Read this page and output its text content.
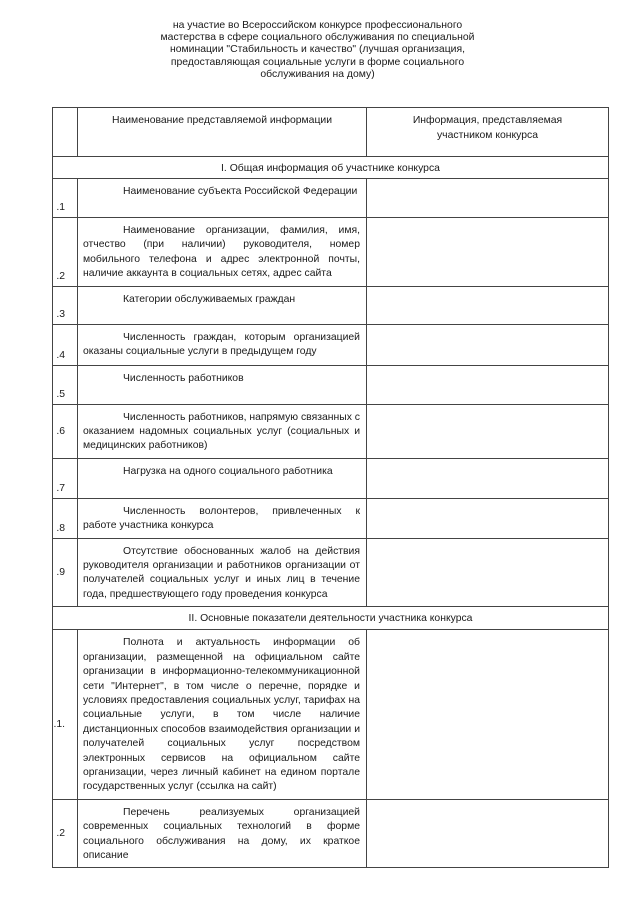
на участие во Всероссийском конкурсе профессионального
мастерства в сфере социального обслуживания по специальной
номинации "Стабильность и качество" (лучшая организация,
предоставляющая социальные услуги в форме социального
обслуживания на дому)
	Наименование представляемой информации	Информация, представляемая участником конкурса

I. Общая информация об участнике конкурса		
.1	Наименование субъекта Российской Федерации	

.2	Наименование организации, фамилия, имя, отчество (при наличии) руководителя, номер мобильного телефона и адрес электронной почты, наличие аккаунта в социальных сетях, адрес сайта	

.3	Категории обслуживаемых граждан	

.4	Численность граждан, которым организацией оказаны социальные услуги в предыдущем году	

.5	Численность работников	

.6	Численность работников, напрямую связанных с оказанием надомных социальных услуг (социальных и медицинских работников)	

.7	Нагрузка на одного социального работника	

.8	Численность волонтеров, привлеченных к работе участника конкурса	

.9	Отсутствие обоснованных жалоб на действия руководителя организации и работников организации от получателей социальных услуг и иных лиц в течение года, предшествующего году проведения конкурса	

II. Основные показатели деятельности участника конкурса		
.1.	Полнота и актуальность информации об организации, размещенной на официальном сайте организации в информационно-телекоммуникационной сети "Интернет", в том числе о перечне, порядке и условиях предоставления социальных услуг, тарифах на социальные услуги, в том числе наличие дистанционных способов взаимодействия организации и получателей социальных услуг посредством электронных сервисов на официальном сайте организации, через личный кабинет на едином портале государственных услуг (ссылка на сайт)	

.2	Перечень реализуемых организацией современных социальных технологий в форме социального обслуживания на дому, их краткое описание	
